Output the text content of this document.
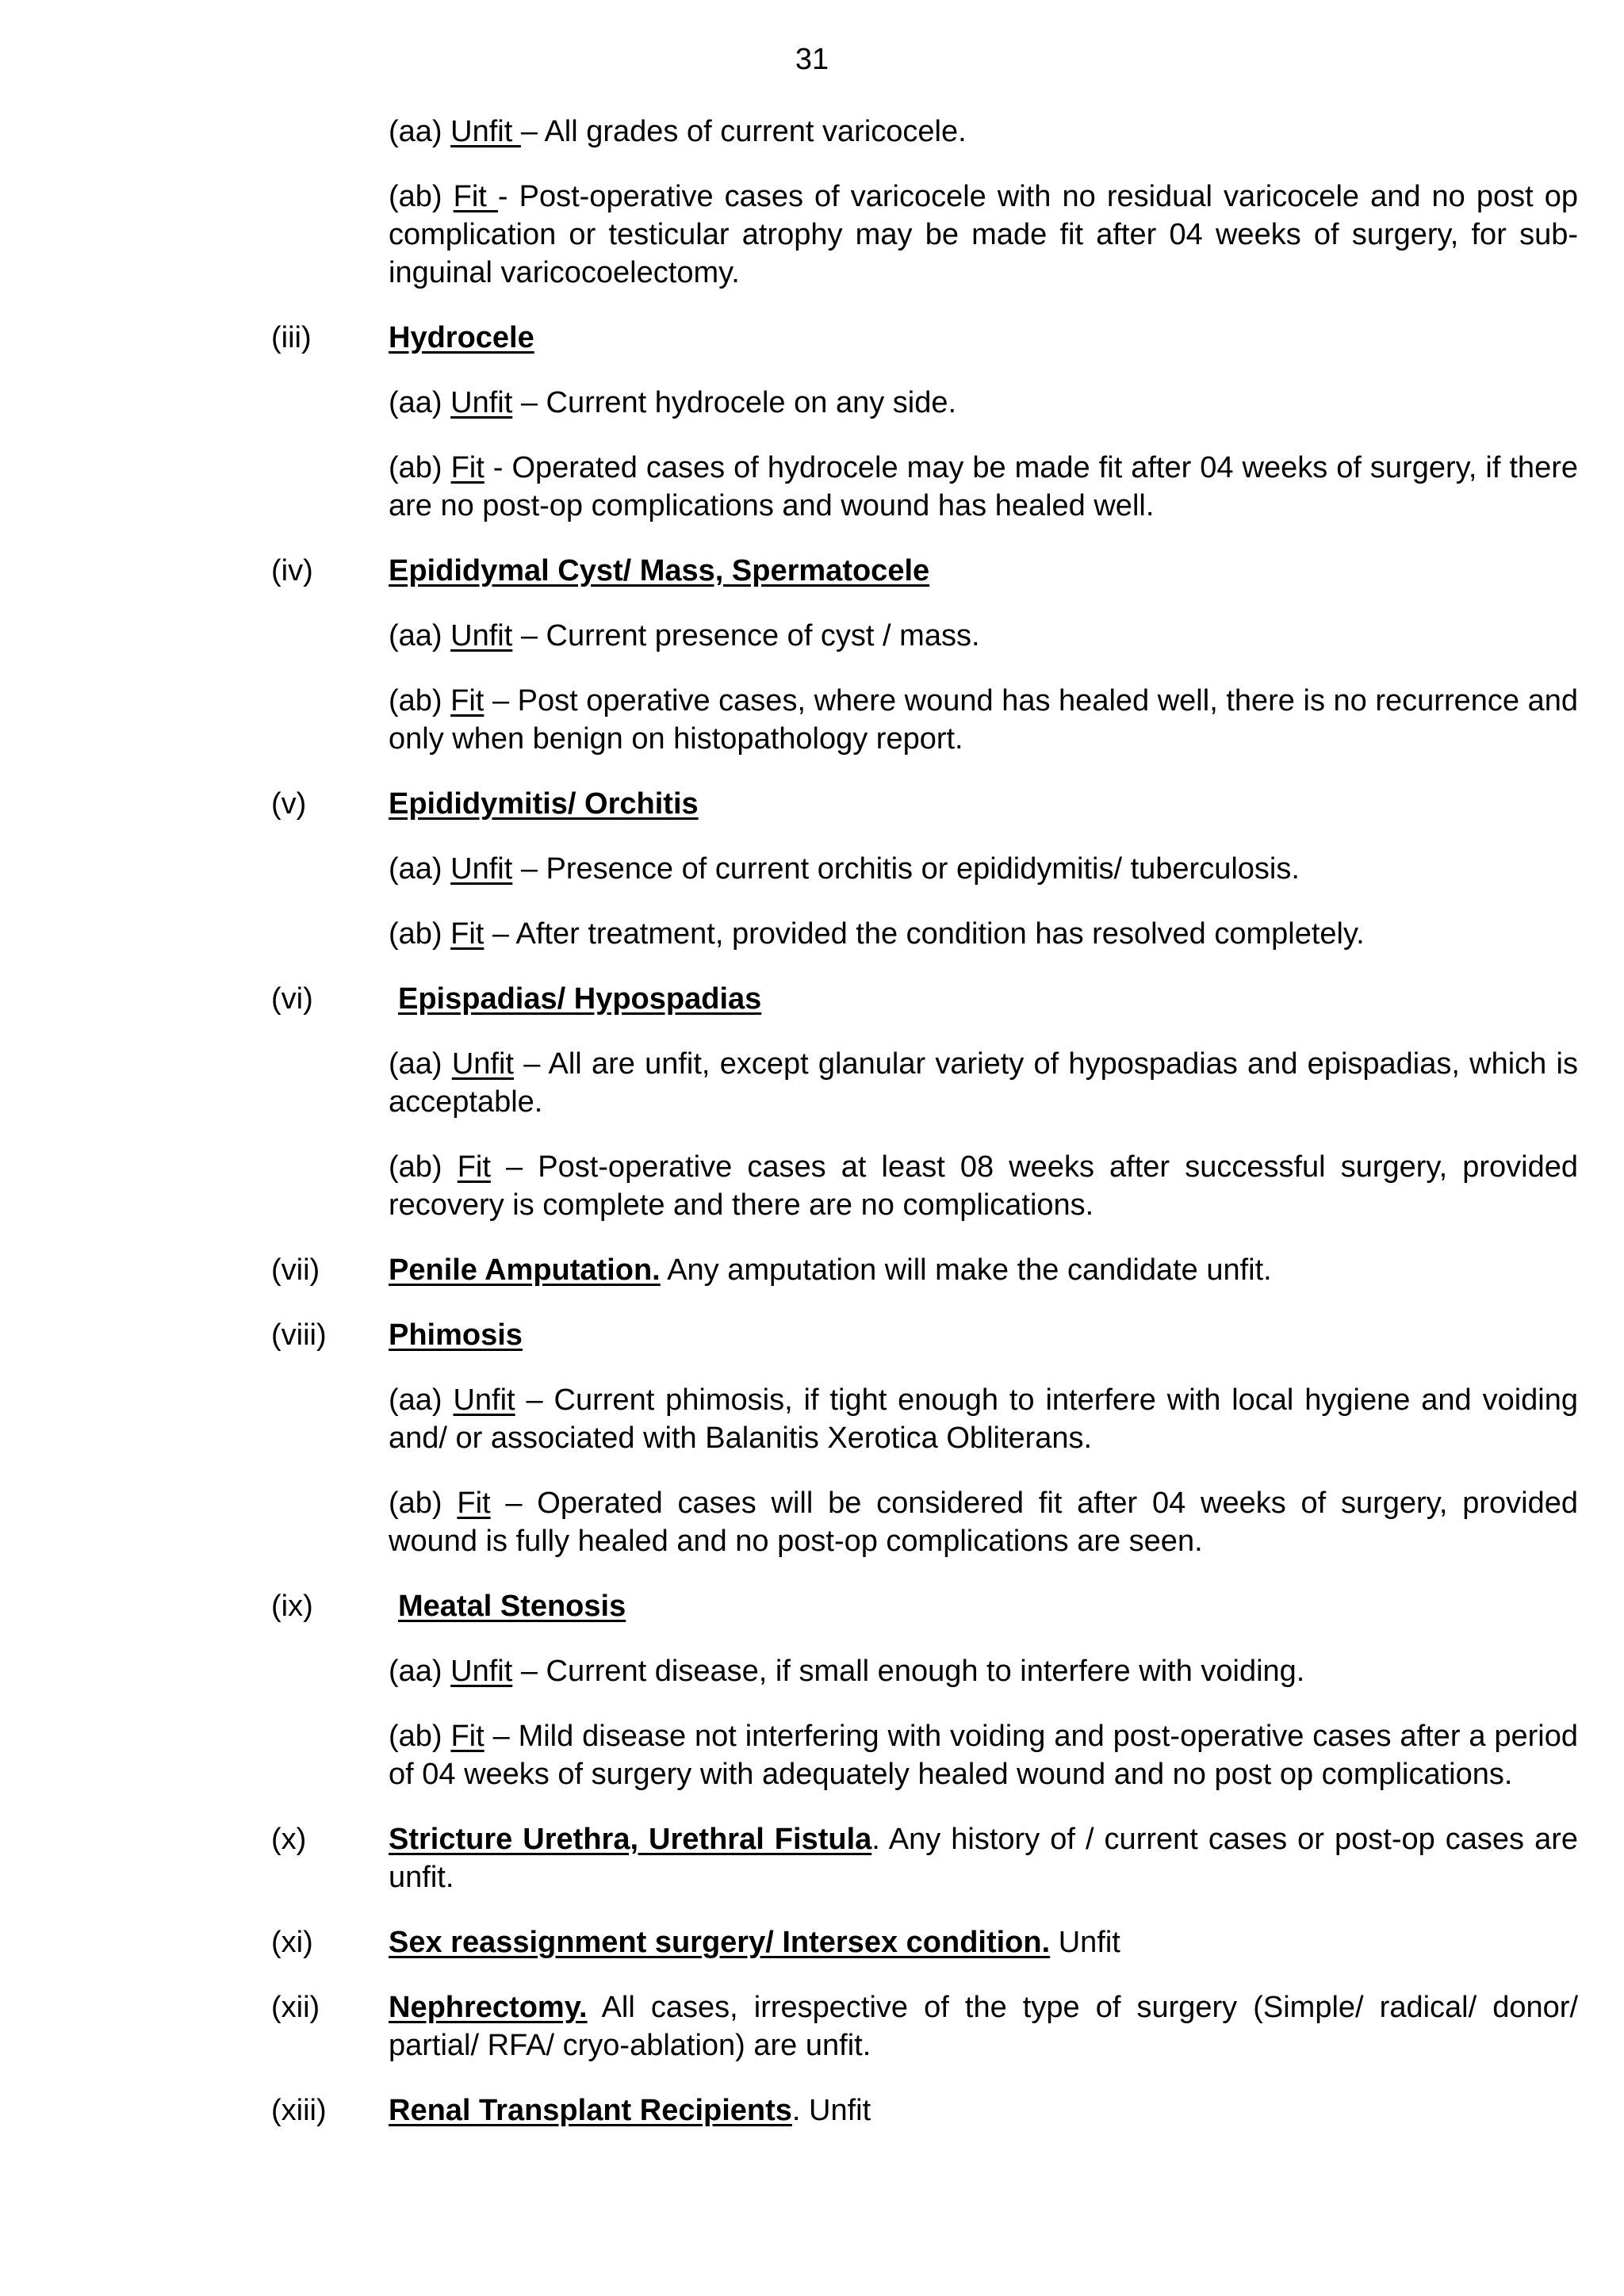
31
(aa) Unfit – All grades of current varicocele.
(ab) Fit - Post-operative cases of varicocele with no residual varicocele and no post op complication or testicular atrophy may be made fit after 04 weeks of surgery, for sub-inguinal varicocoelectomy.
(iii)	Hydrocele
(aa) Unfit – Current hydrocele on any side.
(ab) Fit - Operated cases of hydrocele may be made fit after 04 weeks of surgery, if there are no post-op complications and wound has healed well.
(iv)	Epididymal Cyst/ Mass, Spermatocele
(aa) Unfit – Current presence of cyst / mass.
(ab) Fit – Post operative cases, where wound has healed well, there is no recurrence and only when benign on histopathology report.
(v)	Epididymitis/ Orchitis
(aa) Unfit – Presence of current orchitis or epididymitis/ tuberculosis.
(ab) Fit – After treatment, provided the condition has resolved completely.
(vi)	Epispadias/ Hypospadias
(aa) Unfit – All are unfit, except glanular variety of hypospadias and epispadias, which is acceptable.
(ab) Fit – Post-operative cases at least 08 weeks after successful surgery, provided recovery is complete and there are no complications.
(vii)	Penile Amputation. Any amputation will make the candidate unfit.
(viii)	Phimosis
(aa) Unfit – Current phimosis, if tight enough to interfere with local hygiene and voiding and/ or associated with Balanitis Xerotica Obliterans.
(ab) Fit – Operated cases will be considered fit after 04 weeks of surgery, provided wound is fully healed and no post-op complications are seen.
(ix)	Meatal Stenosis
(aa) Unfit – Current disease, if small enough to interfere with voiding.
(ab) Fit – Mild disease not interfering with voiding and post-operative cases after a period of 04 weeks of surgery with adequately healed wound and no post op complications.
(x)	Stricture Urethra, Urethral Fistula. Any history of / current cases or post-op cases are unfit.
(xi)	Sex reassignment surgery/ Intersex condition. Unfit
(xii)	Nephrectomy. All cases, irrespective of the type of surgery (Simple/ radical/ donor/ partial/ RFA/ cryo-ablation) are unfit.
(xiii)	Renal Transplant Recipients. Unfit
